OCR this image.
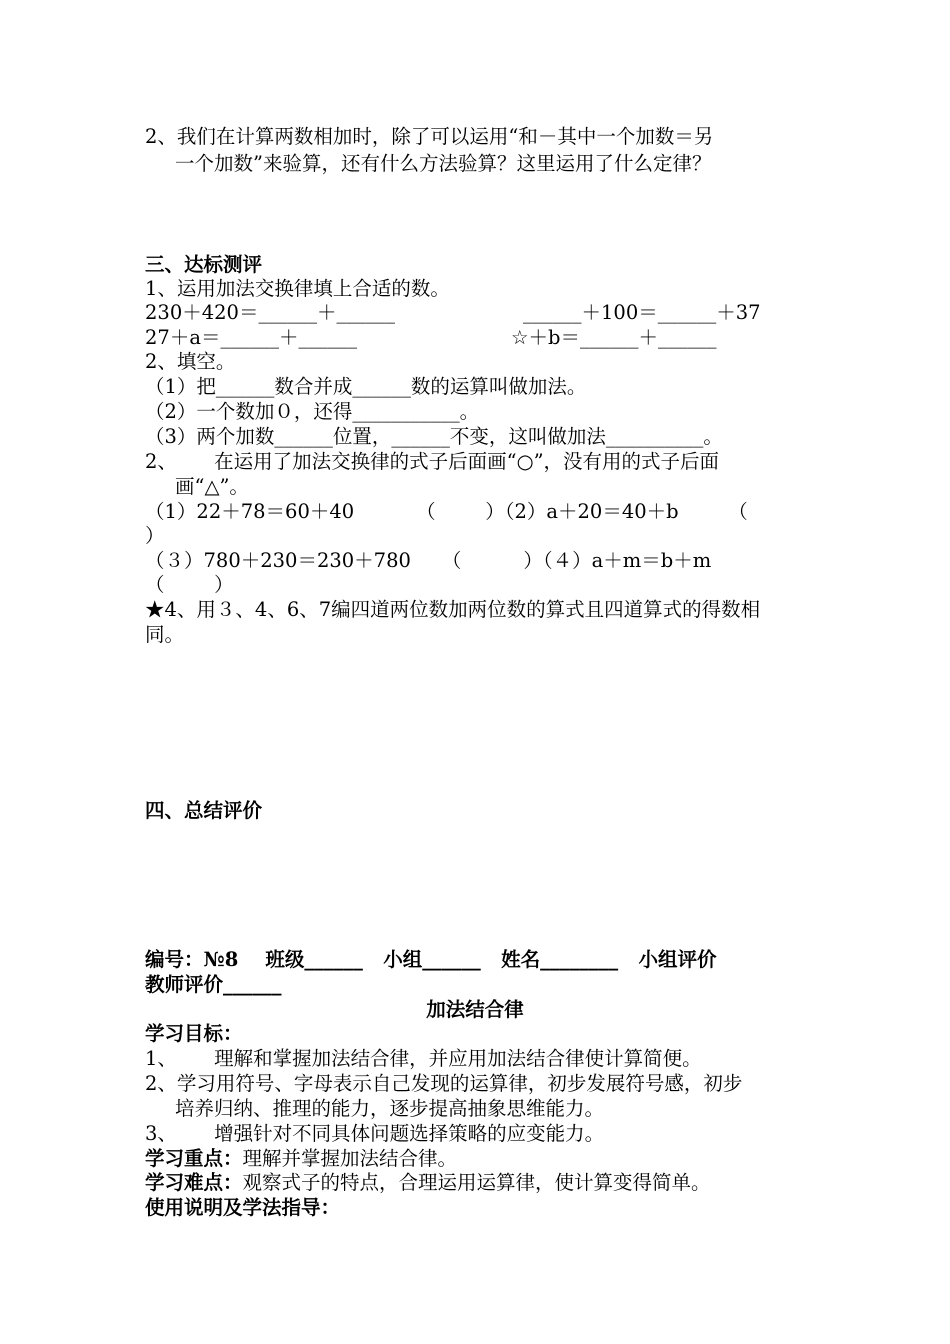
2、我们在计算两数相加时，除了可以运用“和－其中一个加数＝另
一个加数”来验算，还有什么方法验算？这里运用了什么定律？
三、达标测评
1、运用加法交换律填上合适的数。
230＋420＝______＋______	______＋100＝______＋37
27＋a＝______＋______	☆＋b＝______＋______
2、填空。
（1）把______数合并成______数的运算叫做加法。
（2）一个数加０，还得___________。
（3）两个加数______位置，______不变，这叫做加法__________。
2、      在运用了加法交换律的式子后面画“○”，没有用的式子后面
画“△”。
（1）22＋78＝60＋40          （        ）（2）a＋20＝40＋b        （
）
（３）780＋230＝230＋780     （          ）（４）a＋m＝b＋m
（        ）
★4、用３、4、6、7编四道两位数加两位数的算式且四道算式的得数相
同。
四、总结评价
编号：№8    班级______   小组______   姓名________   小组评价
教师评价______
加法结合律
学习目标：
1、      理解和掌握加法结合律，并应用加法结合律使计算简便。
2、学习用符号、字母表示自己发现的运算律，初步发展符号感，初步
培养归纳、推理的能力，逐步提高抽象思维能力。
3、      增强针对不同具体问题选择策略的应变能力。
学习重点：理解并掌握加法结合律。
学习难点：观察式子的特点，合理运用运算律，使计算变得简单。
使用说明及学法指导：
